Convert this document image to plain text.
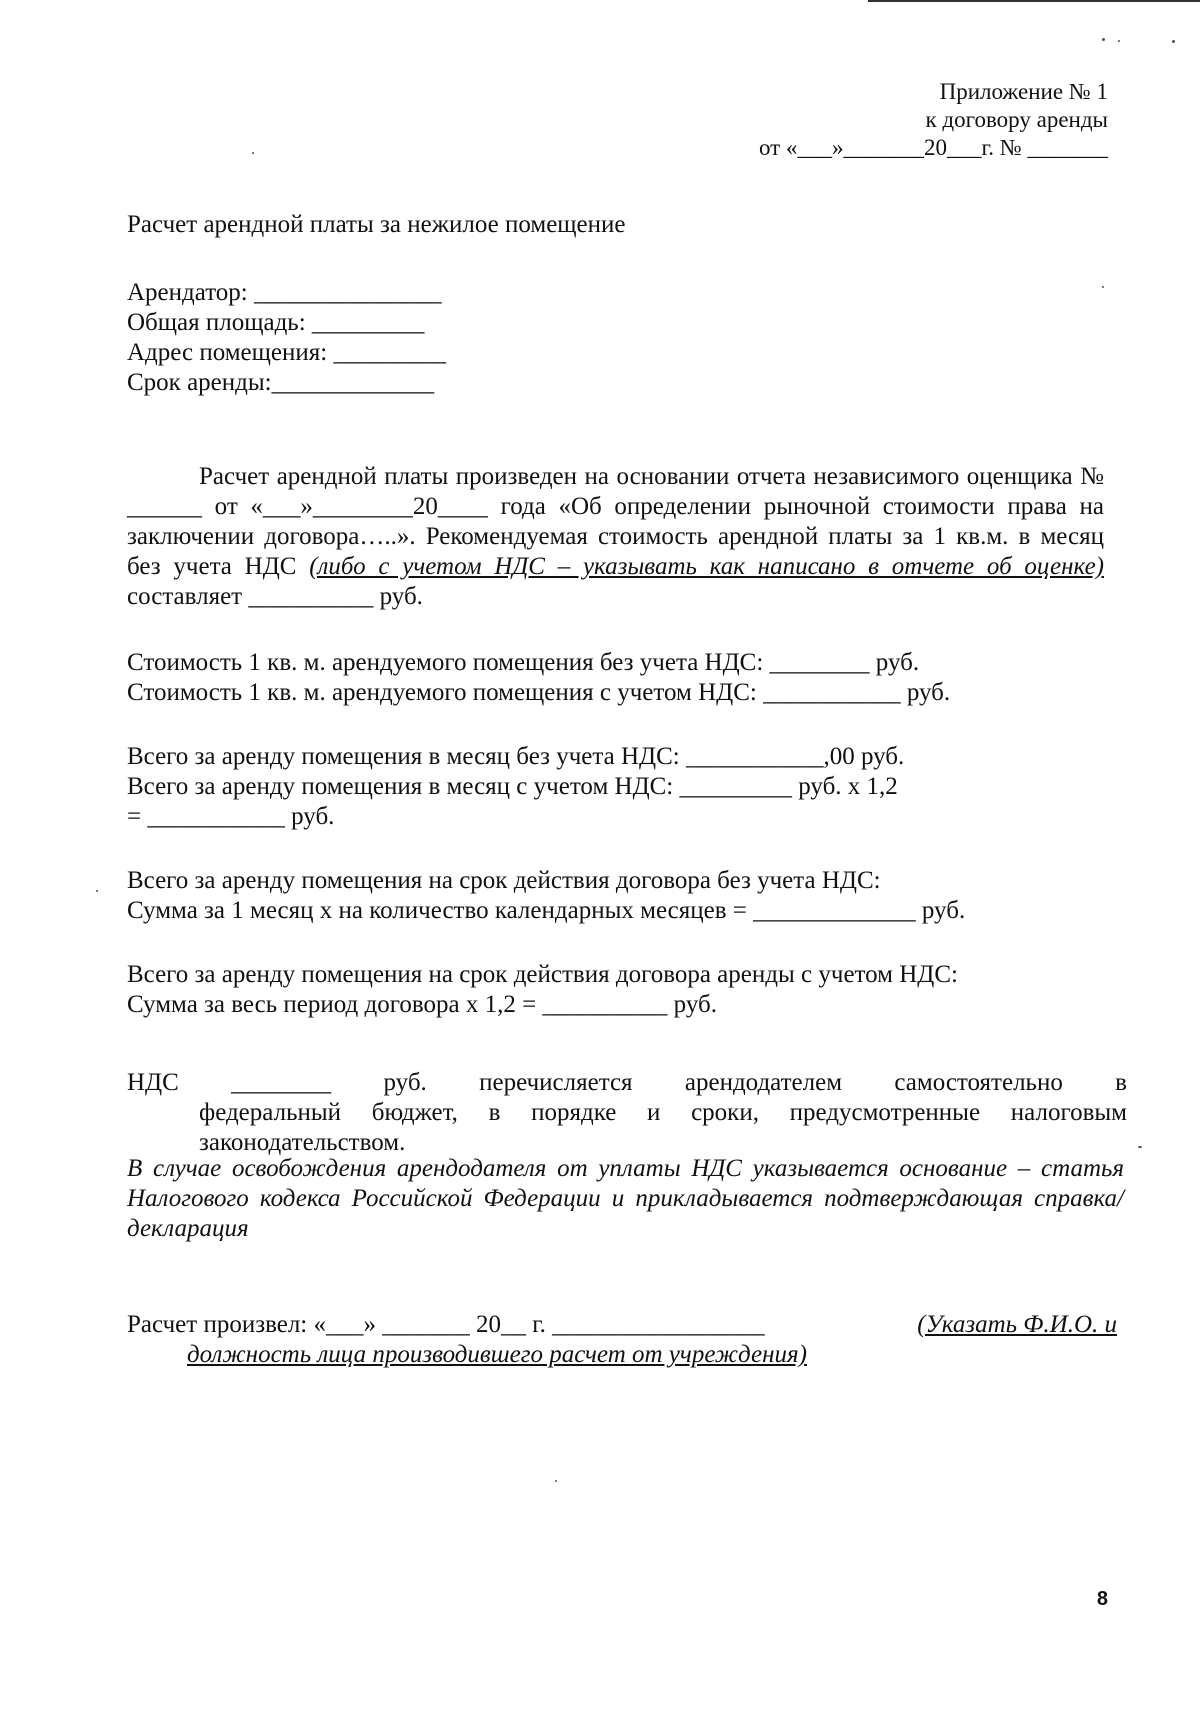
Приложение № 1
к договору аренды
от «___»_______20___г. № _______
Расчет арендной платы за нежилое помещение
Арендатор: _______________
Общая площадь: _________
Адрес помещения: _________
Срок аренды:_____________

Расчет арендной платы произведен на основании отчета независимого оценщика № ______ от «___»________20____ года «Об определении рыночной стоимости права на заключении договора…..». Рекомендуемая стоимость арендной платы за 1 кв.м. в месяц без учета НДС (либо с учетом НДС – указывать как написано в отчете об оценке) составляет __________ руб.

Стоимость 1 кв. м. арендуемого помещения без учета НДС: ________ руб.
Стоимость 1 кв. м. арендуемого помещения с учетом НДС: ___________ руб.
Всего за аренду помещения в месяц без учета НДС: ___________,00 руб.
Всего за аренду помещения в месяц с учетом НДС: _________ руб. х 1,2
= ___________ руб.
Всего за аренду помещения на срок действия договора без учета НДС:
Сумма за 1 месяц х на количество календарных месяцев = _____________ руб.
Всего за аренду помещения на срок действия договора аренды с учетом НДС:
Сумма за весь период договора х 1,2 = __________ руб.
НДС ________ руб. перечисляется арендодателем самостоятельно в
федеральный бюджет, в порядке и сроки, предусмотренные налоговым законодательством.
В случае освобождения арендодателя от уплаты НДС указывается основание – статья Налогового кодекса Российской Федерации и прикладывается подтверждающая справка/декларация
Расчет произвел: «___» _______ 20__ г. _________________	(Указать Ф.И.О. и
должность лица производившего расчет от учреждения)
8
